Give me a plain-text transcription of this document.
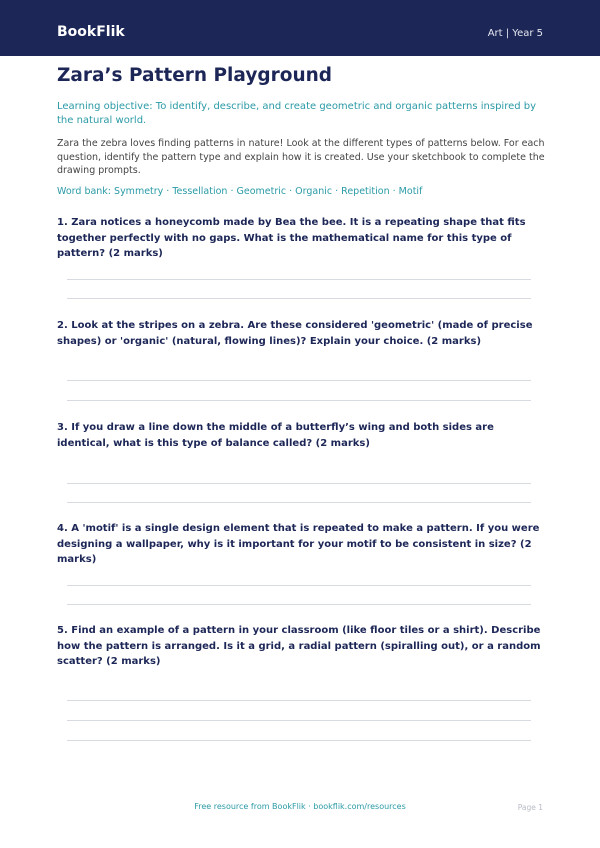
BookFlik	Art | Year 5
Zara’s Pattern Playground
Learning objective: To identify, describe, and create geometric and organic patterns inspired by the natural world.
Zara the zebra loves finding patterns in nature! Look at the different types of patterns below. For each question, identify the pattern type and explain how it is created. Use your sketchbook to complete the drawing prompts.
Word bank: Symmetry · Tessellation · Geometric · Organic · Repetition · Motif
1. Zara notices a honeycomb made by Bea the bee. It is a repeating shape that fits together perfectly with no gaps. What is the mathematical name for this type of pattern? (2 marks)
2. Look at the stripes on a zebra. Are these considered 'geometric' (made of precise shapes) or 'organic' (natural, flowing lines)? Explain your choice. (2 marks)
3. If you draw a line down the middle of a butterfly’s wing and both sides are identical, what is this type of balance called? (2 marks)
4. A 'motif' is a single design element that is repeated to make a pattern. If you were designing a wallpaper, why is it important for your motif to be consistent in size? (2 marks)
5. Find an example of a pattern in your classroom (like floor tiles or a shirt). Describe how the pattern is arranged. Is it a grid, a radial pattern (spiralling out), or a random scatter? (2 marks)
Free resource from BookFlik · bookflik.com/resources	Page 1
